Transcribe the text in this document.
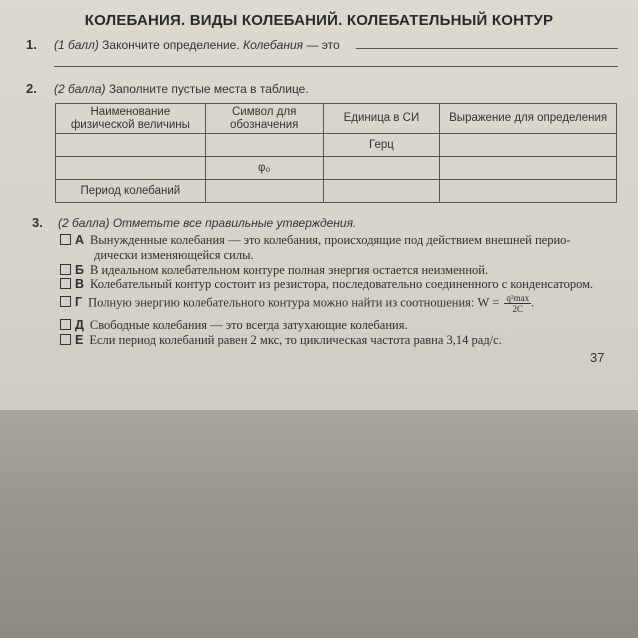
КОЛЕБАНИЯ. ВИДЫ КОЛЕБАНИЙ. КОЛЕБАТЕЛЬНЫЙ КОНТУР
1. (1 балл) Закончите определение. Колебания — это
2. (2 балла) Заполните пустые места в таблице.
Наименование физической величины	Символ для обозначения	Единица в СИ	Выражение для определения
		Герц	
	φ₀		
Период колебаний			
3. (2 балла) Отметьте все правильные утверждения.
А Вынужденные колебания — это колебания, происходящие под действием внешней перио-
дически изменяющейся силы.
Б В идеальном колебательном контуре полная энергия остается неизменной.
В Колебательный контур состоит из резистора, последовательно соединенного с конденсатором.
Г Полную энергию колебательного контура можно найти из соотношения: $W = \frac{\text{q²max}}{2C}$ .
Д Свободные колебания — это всегда затухающие колебания.
Е Если период колебаний равен 2 мкс, то циклическая частота равна 3,14 рад/с.
37
